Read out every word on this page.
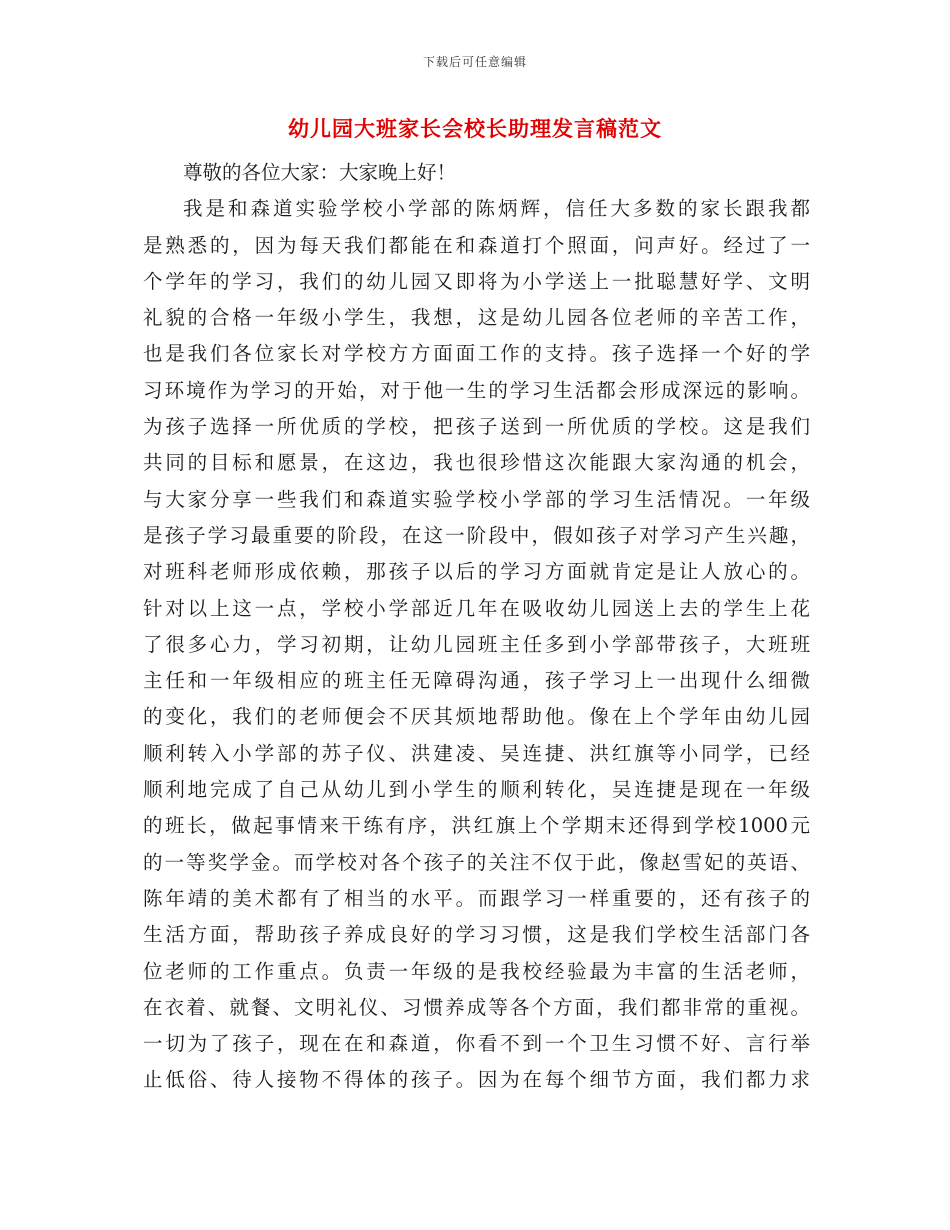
下载后可任意编辑
幼儿园大班家长会校长助理发言稿范文
尊敬的各位大家：大家晚上好！
我是和森道实验学校小学部的陈炳辉，信任大多数的家长跟我都
是熟悉的，因为每天我们都能在和森道打个照面，问声好。经过了一
个学年的学习，我们的幼儿园又即将为小学送上一批聪慧好学、文明
礼貌的合格一年级小学生，我想，这是幼儿园各位老师的辛苦工作，
也是我们各位家长对学校方方面面工作的支持。孩子选择一个好的学
习环境作为学习的开始，对于他一生的学习生活都会形成深远的影响。
为孩子选择一所优质的学校，把孩子送到一所优质的学校。这是我们
共同的目标和愿景，在这边，我也很珍惜这次能跟大家沟通的机会，
与大家分享一些我们和森道实验学校小学部的学习生活情况。一年级
是孩子学习最重要的阶段，在这一阶段中，假如孩子对学习产生兴趣，
对班科老师形成依赖，那孩子以后的学习方面就肯定是让人放心的。
针对以上这一点，学校小学部近几年在吸收幼儿园送上去的学生上花
了很多心力，学习初期，让幼儿园班主任多到小学部带孩子，大班班
主任和一年级相应的班主任无障碍沟通，孩子学习上一出现什么细微
的变化，我们的老师便会不厌其烦地帮助他。像在上个学年由幼儿园
顺利转入小学部的苏子仪、洪建凌、吴连捷、洪红旗等小同学，已经
顺利地完成了自己从幼儿到小学生的顺利转化，吴连捷是现在一年级
的班长，做起事情来干练有序，洪红旗上个学期末还得到学校1000元
的一等奖学金。而学校对各个孩子的关注不仅于此，像赵雪妃的英语、
陈年靖的美术都有了相当的水平。而跟学习一样重要的，还有孩子的
生活方面，帮助孩子养成良好的学习习惯，这是我们学校生活部门各
位老师的工作重点。负责一年级的是我校经验最为丰富的生活老师，
在衣着、就餐、文明礼仪、习惯养成等各个方面，我们都非常的重视。
一切为了孩子，现在在和森道，你看不到一个卫生习惯不好、言行举
止低俗、待人接物不得体的孩子。因为在每个细节方面，我们都力求
